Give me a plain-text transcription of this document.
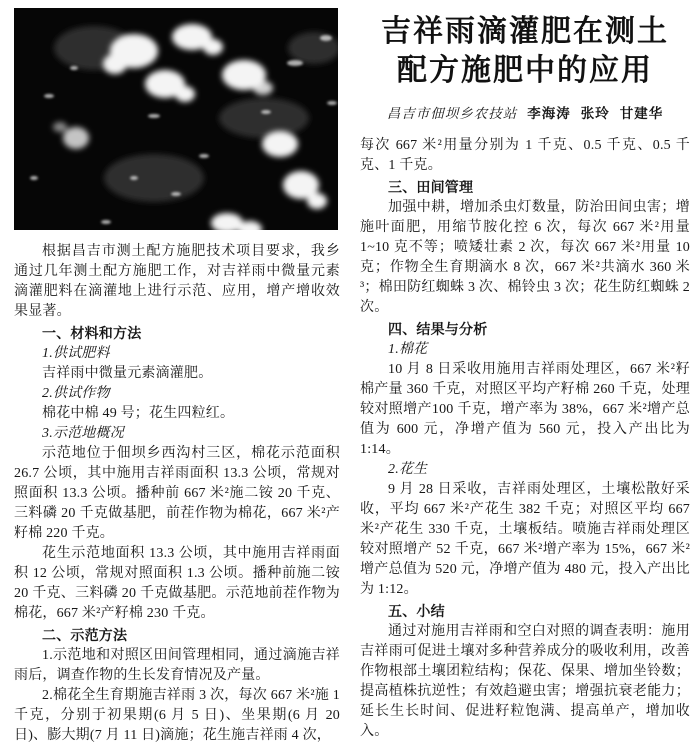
根据昌吉市测土配方施肥技术项目要求，我乡通过几年测土配方施肥工作，对吉祥雨中微量元素滴灌肥料在滴灌地上进行示范、应用，增产增收效果显著。

一、材料和方法

1.供试肥料

吉祥雨中微量元素滴灌肥。

2.供试作物

棉花中棉 49 号；花生四粒红。

3.示范地概况

示范地位于佃坝乡西沟村三区，棉花示范面积 26.7 公顷，其中施用吉祥雨面积 13.3 公顷，常规对照面积 13.3 公顷。播种前 667 米²施二铵 20 千克、三料磷 20 千克做基肥，前茬作物为棉花，667 米²产籽棉 220 千克。

花生示范地面积 13.3 公顷，其中施用吉祥雨面积 12 公顷，常规对照面积 1.3 公顷。播种前施二铵 20 千克、三料磷 20 千克做基肥。示范地前茬作物为棉花，667 米²产籽棉 230 千克。

二、示范方法

1.示范地和对照区田间管理相同，通过滴施吉祥雨后，调查作物的生长发育情况及产量。

2.棉花全生育期施吉祥雨 3 次，每次 667 米²施 1 千克，分别于初果期(6 月 5 日)、坐果期(6 月 20 日)、膨大期(7 月 11 日)滴施；花生施吉祥雨 4 次，

吉祥雨滴灌肥在测土
配方施肥中的应用
昌吉市佃坝乡农技站 李海涛 张玲 甘建华

每次 667 米²用量分别为 1 千克、0.5 千克、0.5 千克、1 千克。

三、田间管理

加强中耕，增加杀虫灯数量，防治田间虫害；增施叶面肥，用缩节胺化控 6 次，每次 667 米²用量 1~10 克不等；喷矮壮素 2 次，每次 667 米²用量 10 克；作物全生育期滴水 8 次，667 米²共滴水 360 米³；棉田防红蜘蛛 3 次、棉铃虫 3 次；花生防红蜘蛛 2 次。

四、结果与分析

1.棉花

10 月 8 日采收用施用吉祥雨处理区，667 米²籽棉产量 360 千克，对照区平均产籽棉 260 千克，处理较对照增产100 千克，增产率为 38%，667 米²增产总值为 600 元，净增产值为 560 元，投入产出比为 1:14。

2.花生

9 月 28 日采收，吉祥雨处理区，土壤松散好采收，平均 667 米²产花生 382 千克；对照区平均 667 米²产花生 330 千克，土壤板结。喷施吉祥雨处理区较对照增产 52 千克，667 米²增产率为 15%，667 米²增产总值为 520 元，净增产值为 480 元，投入产出比为 1:12。

五、小结

通过对施用吉祥雨和空白对照的调查表明：施用吉祥雨可促进土壤对多种营养成分的吸收利用，改善作物根部土壤团粒结构；保花、保果、增加坐铃数；提高植株抗逆性；有效趋避虫害；增强抗衰老能力；延长生长时间、促进籽粒饱满、提高单产，增加收入。
